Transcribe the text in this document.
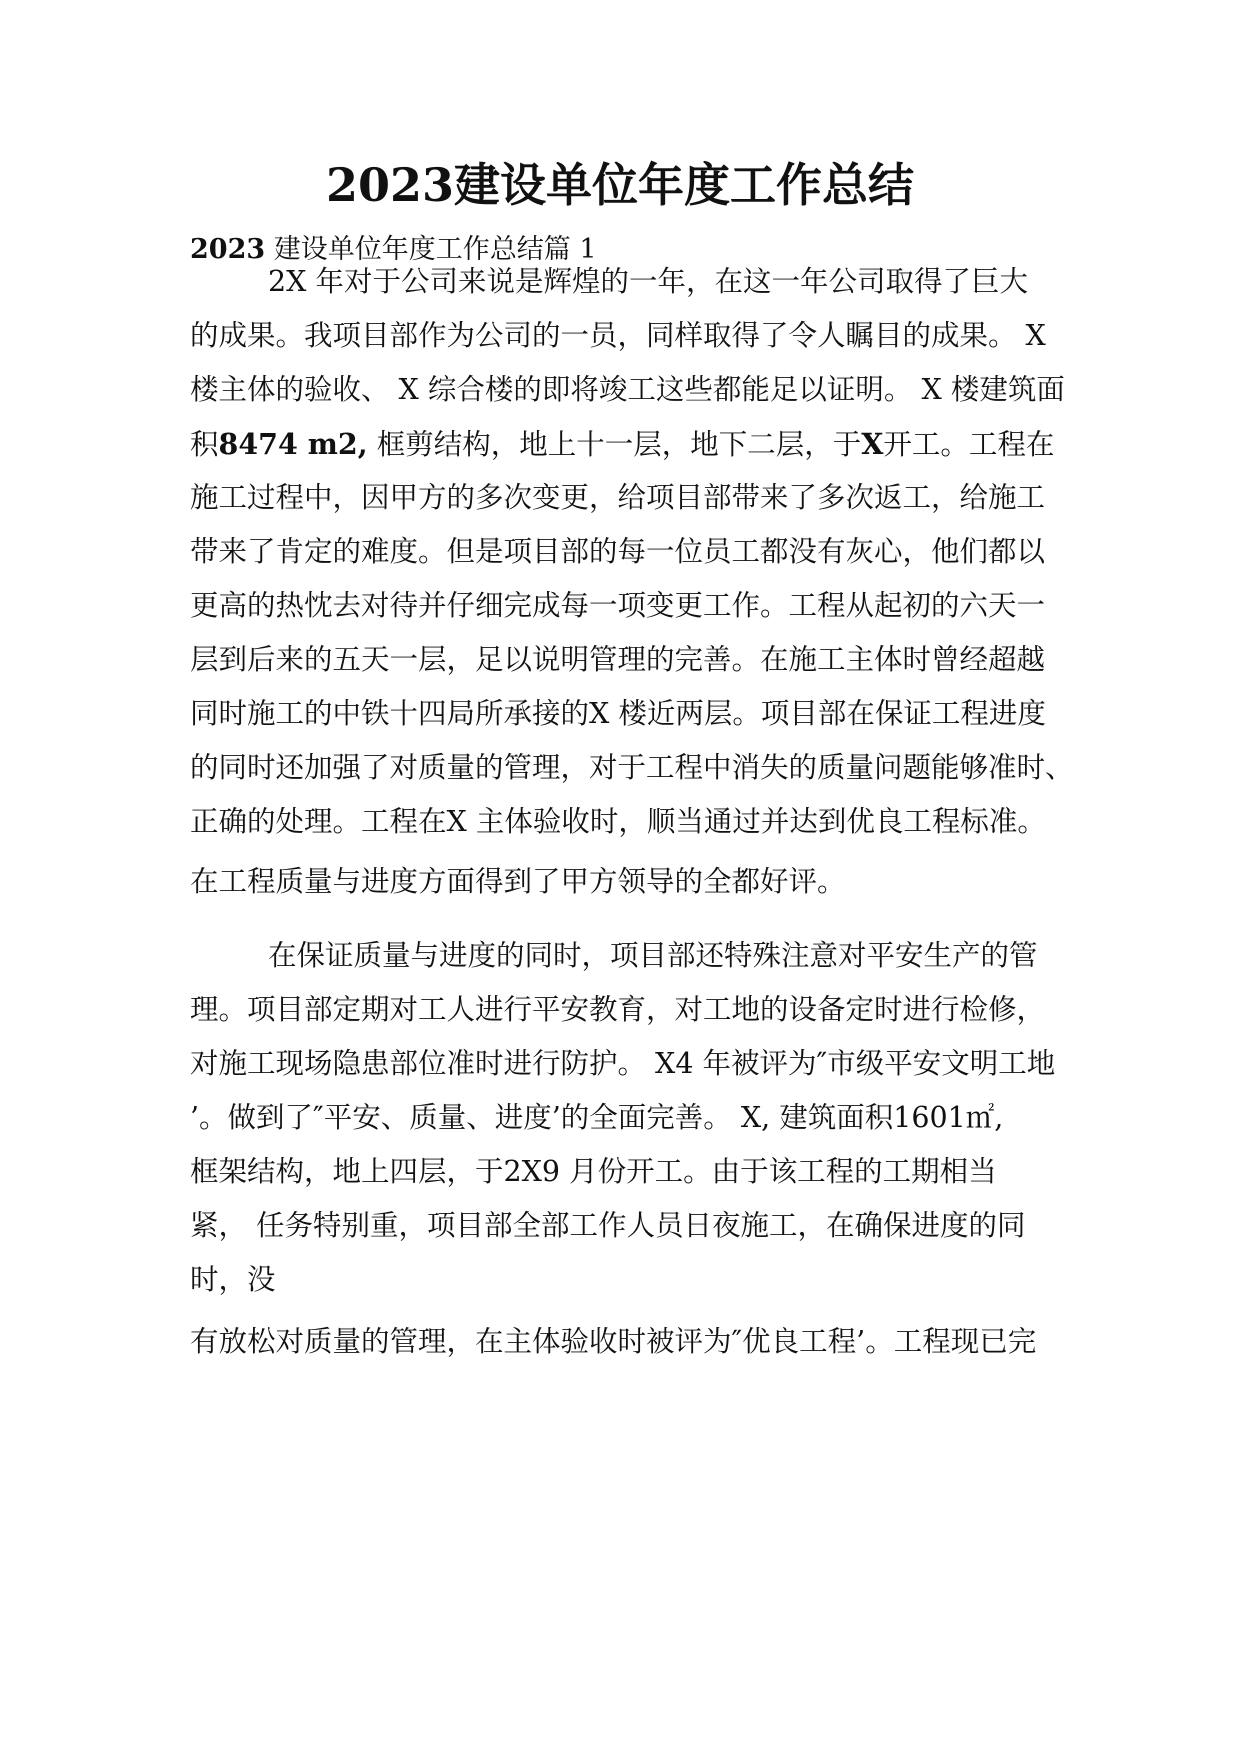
2023建设单位年度工作总结
2023 建设单位年度工作总结篇 1
2X 年对于公司来说是辉煌的一年，在这一年公司取得了巨大
的成果。我项目部作为公司的一员，同样取得了令人瞩目的成果。 X
楼主体的验收、 X 综合楼的即将竣工这些都能足以证明。 X 楼建筑面
积8474 m2, 框剪结构，地上十一层，地下二层，于X开工。工程在
施工过程中，因甲方的多次变更，给项目部带来了多次返工，给施工
带来了肯定的难度。但是项目部的每一位员工都没有灰心，他们都以
更高的热忱去对待并仔细完成每一项变更工作。工程从起初的六天一
层到后来的五天一层，足以说明管理的完善。在施工主体时曾经超越
同时施工的中铁十四局所承接的X 楼近两层。项目部在保证工程进度
的同时还加强了对质量的管理，对于工程中消失的质量问题能够准时、
正确的处理。工程在X 主体验收时，顺当通过并达到优良工程标准。
在工程质量与进度方面得到了甲方领导的全都好评。
在保证质量与进度的同时，项目部还特殊注意对平安生产的管
理。项目部定期对工人进行平安教育，对工地的设备定时进行检修，
对施工现场隐患部位准时进行防护。 X4 年被评为″市级平安文明工地
’。做到了″平安、质量、进度’的全面完善。 X, 建筑面积1601㎡,
框架结构，地上四层，于2X9 月份开工。由于该工程的工期相当
紧， 任务特别重，项目部全部工作人员日夜施工，在确保进度的同
时，没
有放松对质量的管理，在主体验收时被评为″优良工程’。工程现已完
